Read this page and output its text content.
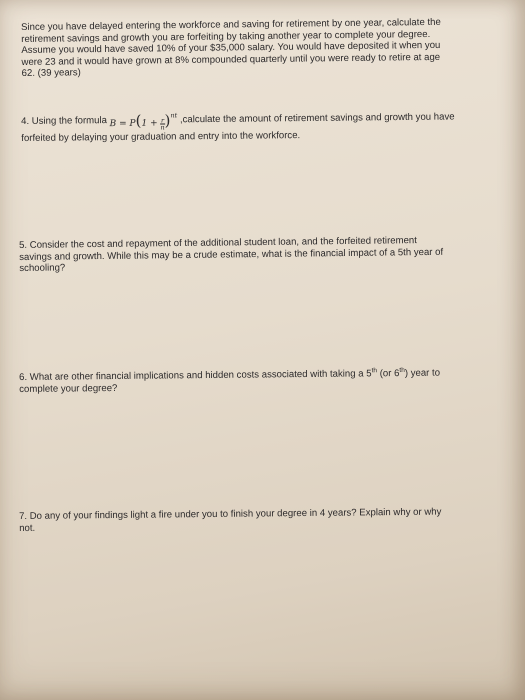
Since you have delayed entering the workforce and saving for retirement by one year, calculate the
retirement savings and growth you are forfeiting by taking another year to complete your degree.
Assume you would have saved 10% of your $35,000 salary. You would have deposited it when you
were 23 and it would have grown at 8% compounded quarterly until you were ready to retire at age
62. (39 years)
4. Using the formula $B = P(1 + \frac{r}{n} )^{nt}$ ,calculate the amount of retirement savings and growth you have
forfeited by delaying your graduation and entry into the workforce.
5. Consider the cost and repayment of the additional student loan, and the forfeited retirement
savings and growth. While this may be a crude estimate, what is the financial impact of a 5th year of
schooling?
6. What are other financial implications and hidden costs associated with taking a 5th (or 6th) year to
complete your degree?
7. Do any of your findings light a fire under you to finish your degree in 4 years? Explain why or why
not.
